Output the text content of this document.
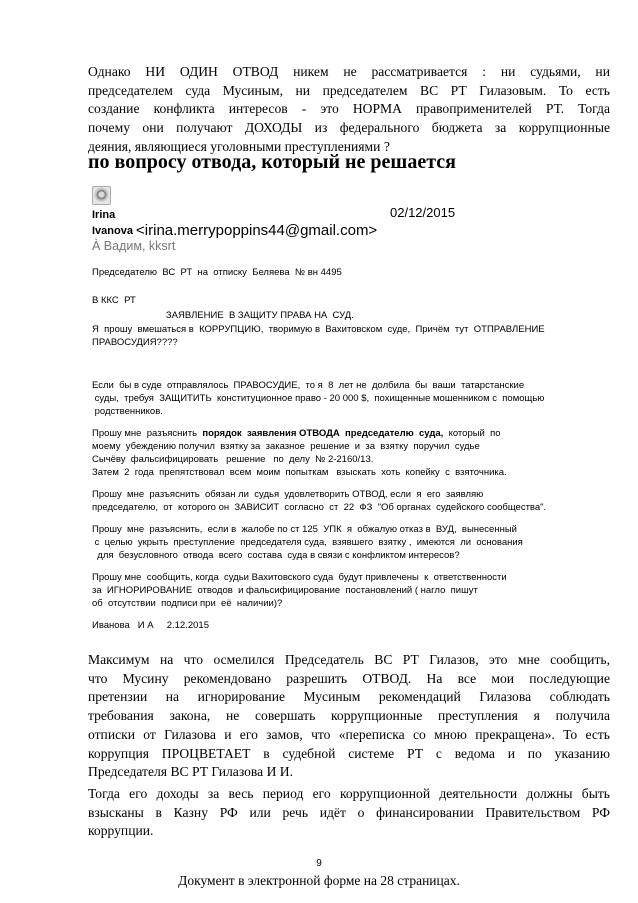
Однако НИ ОДИН ОТВОД никем не рассматривается : ни судьями, ни
председателем суда Мусиным, ни председателем ВС РТ Гилазовым. То есть
создание конфликта интересов - это НОРМА правоприменителей РТ. Тогда
почему они получают ДОХОДЫ из федерального бюджета за коррупционные
деяния, являющиеся уголовными преступлениями ?
по вопросу отвода, который не решается
Irina
Ivanova <irina.merrypoppins44@gmail.com>
02/12/2015
À Вадим, kksrt
Председателю  ВС  РТ  на  отписку  Беляева  № вн 4495
В ККС  РТ
ЗАЯВЛЕНИЕ  В ЗАЩИТУ ПРАВА НА  СУД.
Я  прошу  вмешаться в  КОРРУПЦИЮ,  творимую в  Вахитовском  суде,  Причём  тут  ОТПРАВЛЕНИЕ
ПРАВОСУДИЯ????
Если  бы в суде  отправлялось  ПРАВОСУДИЕ,  то я  8  лет не  долбила  бы  ваши  татарстанские
суды,  требуя  ЗАЩИТИТЬ  конституционное право - 20 000 $,  похищенные мошенником с  помощью
родственников.
Прошу мне  разъяснить  порядок  заявления ОТВОДА  председателю  суда,  который  по
моему  убеждению получил  взятку за  заказное  решение  и  за  взятку  поручил  судье
Сычёву  фальсифицировать   решение   по  делу  № 2-2160/13.
Затем  2  года  препятствовал  всем  моим  попыткам   взыскать  хоть  копейку  с  взяточника.
Прошу  мне  разъяснить  обязан ли  судья  удовлетворить ОТВОД, если  я  его  заявляю
председателю,  от  которого он  ЗАВИСИТ  согласно  ст  22  ФЗ  "Об органах  судейского сообщества".
Прошу  мне  разъяснить,  если в  жалобе по ст 125  УПК  я  обжалую отказ в  ВУД,  вынесенный
с  целью  укрыть  преступление  председателя суда,  взявшего  взятку ,  имеются  ли  основания
для  безусловного  отвода  всего  состава  суда в связи с конфликтом интересов?
Прошу мне  сообщить, когда  судьи Вахитовского суда  будут привлечены  к  ответственности
за  ИГНОРИРОВАНИЕ  отводов  и фальсифицирование  постановлений ( нагло  пишут
об  отсутствии  подписи при  её  наличии)?
Иванова   И А     2.12.2015
Максимум на что осмелился Председатель ВС РТ Гилазов, это мне сообщить,
что Мусину рекомендовано разрешить ОТВОД. На все мои последующие
претензии на игнорирование Мусиным рекомендаций Гилазова соблюдать
требования закона, не совершать коррупционные преступления я получила
отписки от Гилазова и его замов, что «переписка со мною прекращена». То есть
коррупция ПРОЦВЕТАЕТ в судебной системе РТ с ведома и по указанию
Председателя ВС РТ Гилазова И И.
Тогда его доходы за весь период его коррупционной деятельности должны быть
взысканы в Казну РФ или речь идёт о финансировании Правительством РФ
коррупции.
9
Документ в электронной форме на 28 страницах.
